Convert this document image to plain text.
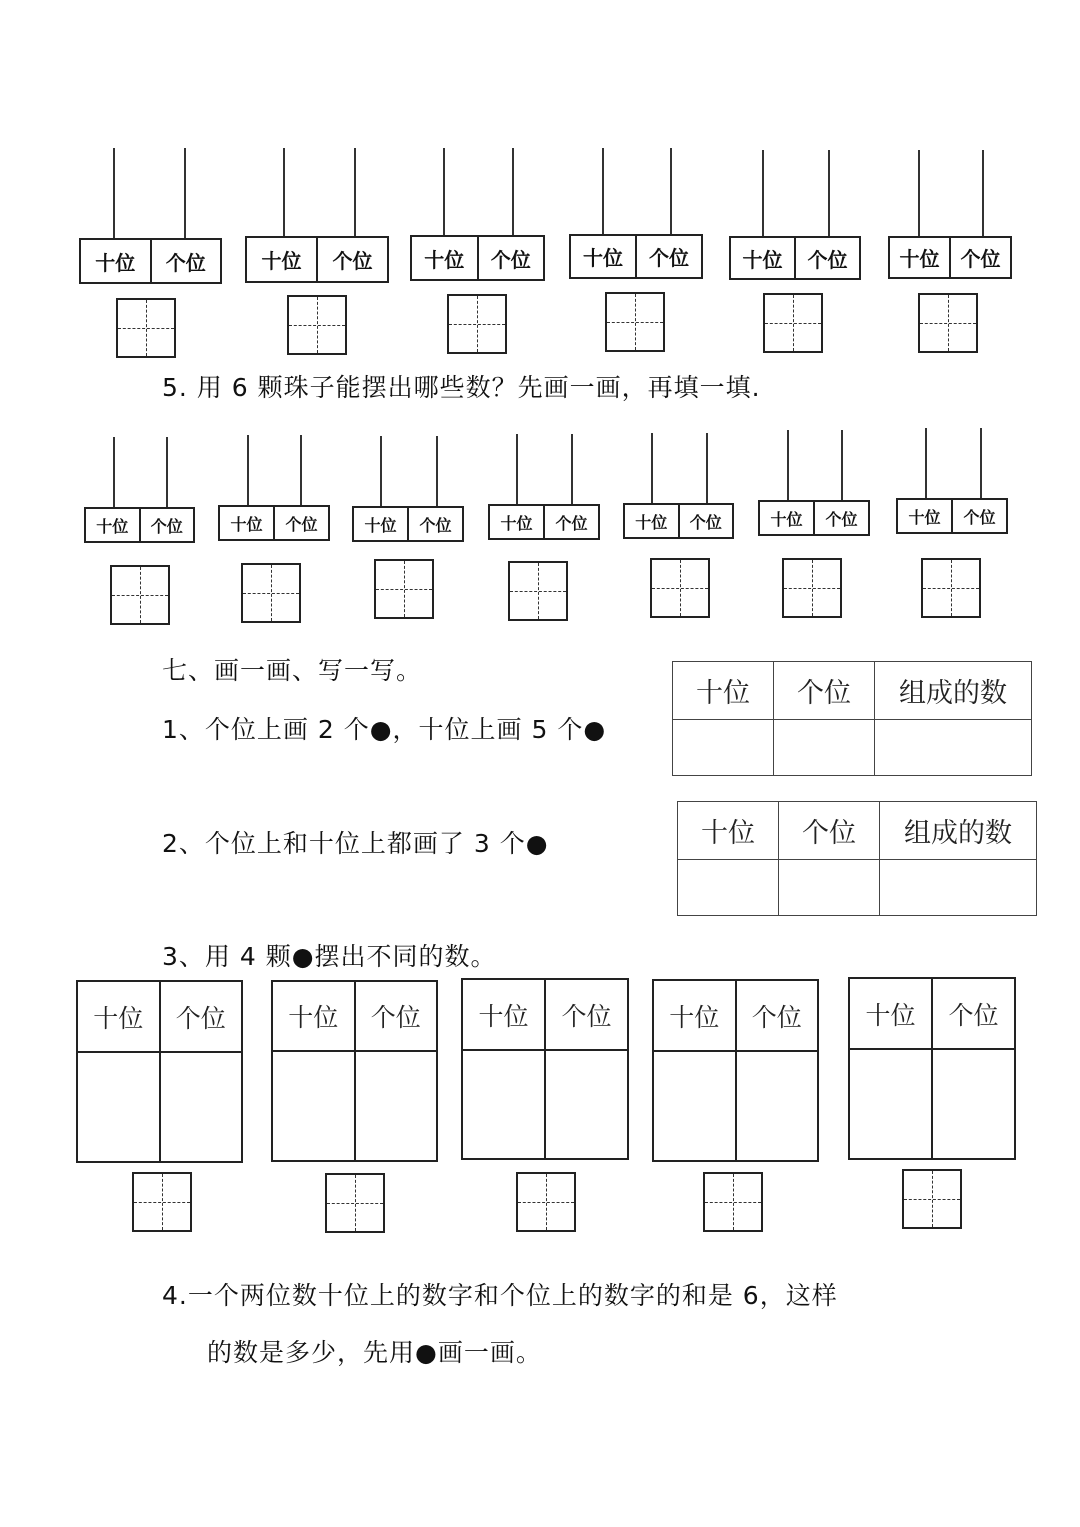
十位	个位	十位	个位	十位	个位	十位	个位	十位	个位	十位	个位
5. 用 6 颗珠子能摆出哪些数？先画一画，再填一填.
十位	个位	十位	个位	十位	个位	十位	个位	十位	个位	十位	个位	十位	个位
七、画一画、写一写。
1、个位上画 2 个●，十位上画 5 个●
十位	个位	组成的数

2、个位上和十位上都画了 3 个●	十位	个位	组成的数

3、用 4 颗●摆出不同的数。
十位	个位
	十位	个位
	十位	个位
	十位	个位
		十位	个位

4.一个两位数十位上的数字和个位上的数字的和是 6，这样
的数是多少，先用●画一画。
